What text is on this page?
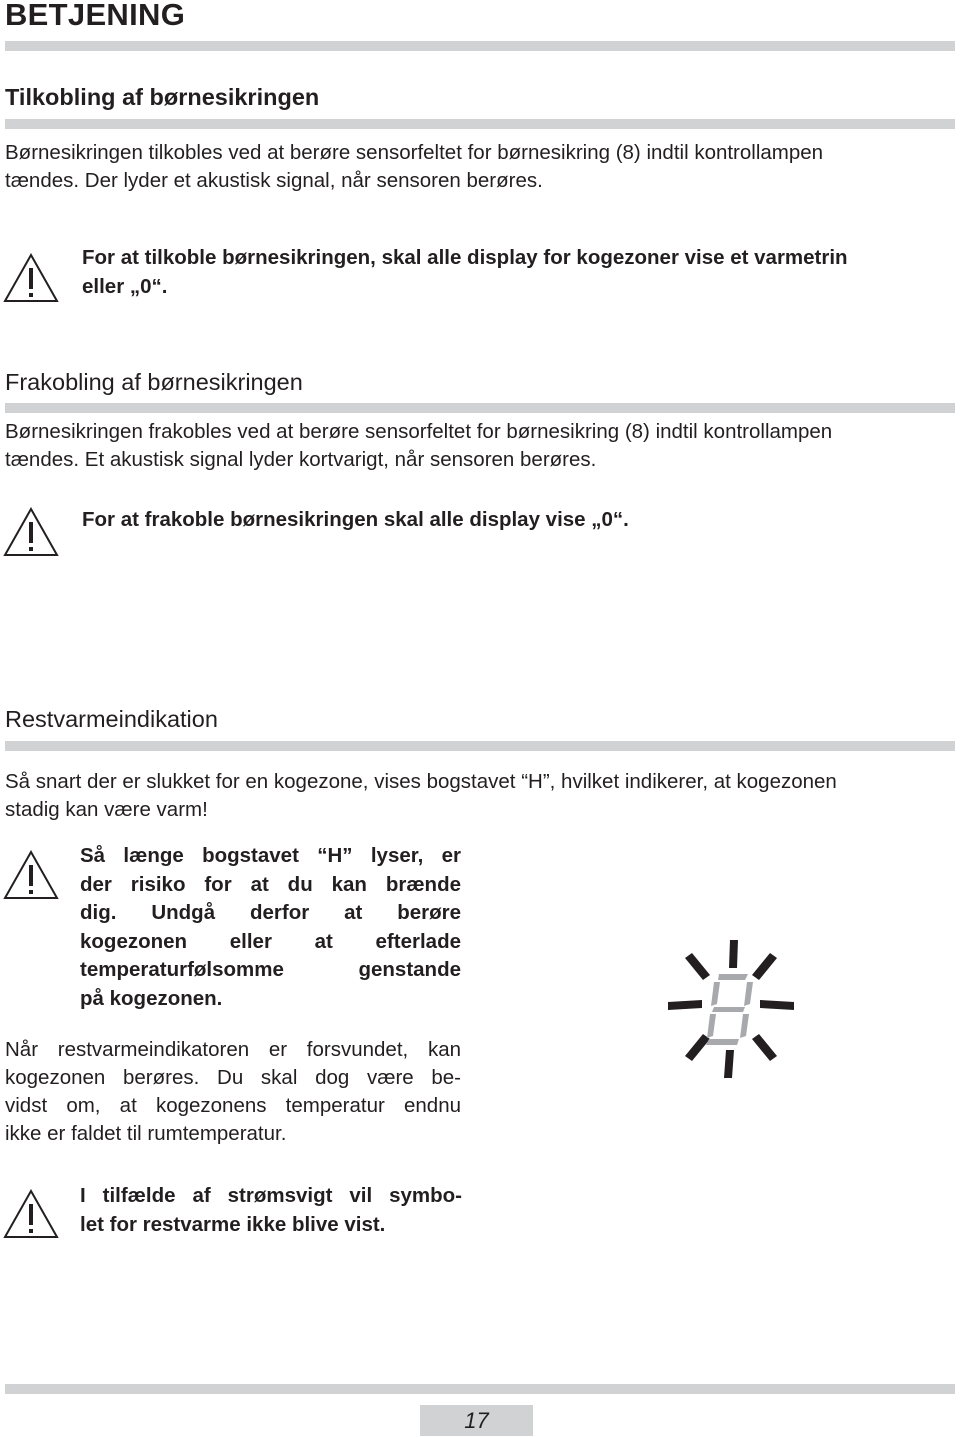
BETJENING
Tilkobling af børnesikringen
Børnesikringen tilkobles ved at berøre sensorfeltet for børnesikring (8) indtil kontrollampen
tændes. Der lyder et akustisk signal, når sensoren berøres.
For at tilkoble børnesikringen, skal alle display for kogezoner vise et varmetrin
eller „0“.
Frakobling af børnesikringen
Børnesikringen frakobles ved at berøre sensorfeltet for børnesikring (8) indtil kontrollampen
tændes. Et akustisk signal lyder kortvarigt, når sensoren berøres.
For at frakoble børnesikringen skal alle display vise „0“.
Restvarmeindikation
Så snart der er slukket for en kogezone, vises bogstavet “H”, hvilket indikerer, at kogezonen
stadig kan være varm!
Så længe bogstavet “H” lyser, er
der risiko for at du kan brænde
dig. Undgå derfor at berøre
kogezonen eller at efterlade
temperaturfølsomme genstande
på kogezonen.
Når restvarmeindikatoren er forsvundet, kan
kogezonen berøres. Du skal dog være be-
vidst om, at kogezonens temperatur endnu
ikke er faldet til rumtemperatur.
I tilfælde af strømsvigt vil symbo-
let for restvarme ikke blive vist.
17
